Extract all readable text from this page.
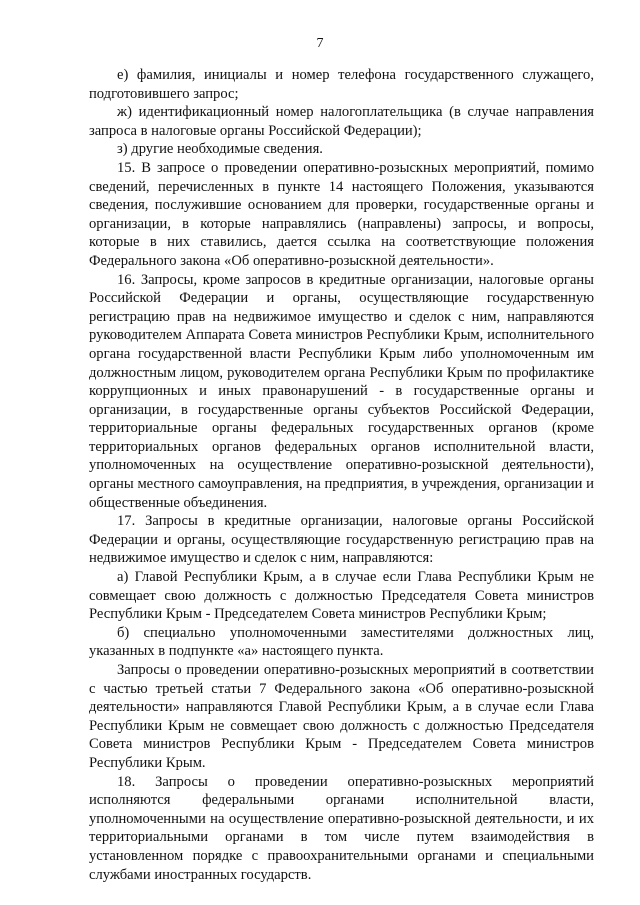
7

е) фамилия, инициалы и номер телефона государственного служащего, подготовившего запрос;

ж) идентификационный номер налогоплательщика (в случае направления запроса в налоговые органы Российской Федерации);

з) другие необходимые сведения.

15. В запросе о проведении оперативно-розыскных мероприятий, помимо сведений, перечисленных в пункте 14 настоящего Положения, указываются сведения, послужившие основанием для проверки, государственные органы и организации, в которые направлялись (направлены) запросы, и вопросы, которые в них ставились, дается ссылка на соответствующие положения Федерального закона «Об оперативно-розыскной деятельности».

16. Запросы, кроме запросов в кредитные организации, налоговые органы Российской Федерации и органы, осуществляющие государственную регистрацию прав на недвижимое имущество и сделок с ним, направляются руководителем Аппарата Совета министров Республики Крым, исполнительного органа государственной власти Республики Крым либо уполномоченным им должностным лицом, руководителем органа Республики Крым по профилактике коррупционных и иных правонарушений - в государственные органы и организации, в государственные органы субъектов Российской Федерации, территориальные органы федеральных государственных органов (кроме территориальных органов федеральных органов исполнительной власти, уполномоченных на осуществление оперативно-розыскной деятельности), органы местного самоуправления, на предприятия, в учреждения, организации и общественные объединения.

17. Запросы в кредитные организации, налоговые органы Российской Федерации и органы, осуществляющие государственную регистрацию прав на недвижимое имущество и сделок с ним, направляются:

а) Главой Республики Крым, а в случае если Глава Республики Крым не совмещает свою должность с должностью Председателя Совета министров Республики Крым - Председателем Совета министров Республики Крым;

б) специально уполномоченными заместителями должностных лиц, указанных в подпункте «а» настоящего пункта.

Запросы о проведении оперативно-розыскных мероприятий в соответствии с частью третьей статьи 7 Федерального закона «Об оперативно-розыскной деятельности» направляются Главой Республики Крым, а в случае если Глава Республики Крым не совмещает свою должность с должностью Председателя Совета министров Республики Крым - Председателем Совета министров Республики Крым.

18. Запросы о проведении оперативно-розыскных мероприятий исполняются федеральными органами исполнительной власти, уполномоченными на осуществление оперативно-розыскной деятельности, и их территориальными органами в том числе путем взаимодействия в установленном порядке с правоохранительными органами и специальными службами иностранных государств.
